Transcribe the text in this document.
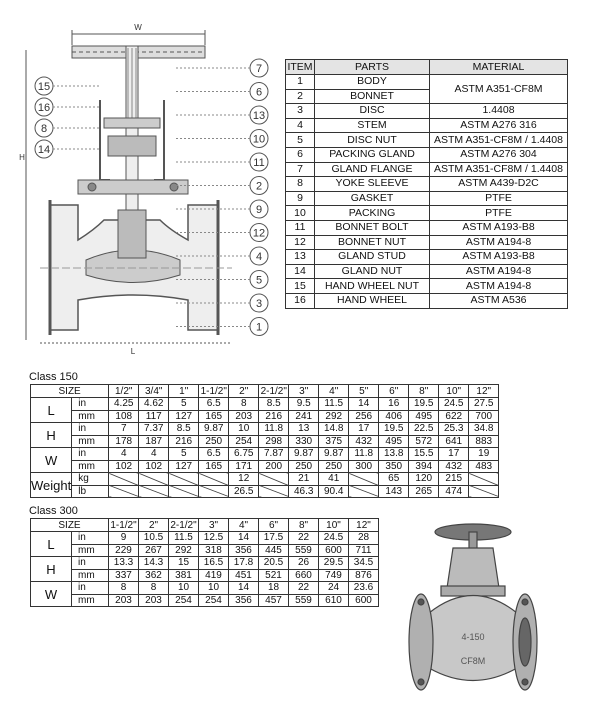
W
H
L
15
16
8
14
7
6
13
10
11
2
9
12
4
5
3
1
ITEM	PARTS	MATERIAL
1	BODY	ASTM A351-CF8M
2	BONNET	
3	DISC	1.4408
4	STEM	ASTM A276 316
5	DISC NUT	ASTM A351-CF8M / 1.4408
6	PACKING GLAND	ASTM A276 304
7	GLAND FLANGE	ASTM A351-CF8M / 1.4408
8	YOKE SLEEVE	ASTM A439-D2C
9	GASKET	PTFE
10	PACKING	PTFE
11	BONNET BOLT	ASTM A193-B8
12	BONNET NUT	ASTM A194-8
13	GLAND STUD	ASTM A193-B8
14	GLAND NUT	ASTM A194-8
15	HAND WHEEL NUT	ASTM A194-8
16	HAND WHEEL	ASTM A536
Class 150
SIZE		1/2"	3/4"	1"	1-1/2"	2"	2-1/2"	3"	4"	5"	6"	8"	10"	12"
L	in	4.25	4.62	5	6.5	8	8.5	9.5	11.5	14	16	19.5	24.5	27.5
	mm	108	117	127	165	203	216	241	292	256	406	495	622	700
H	in	7	7.37	8.5	9.87	10	11.8	13	14.8	17	19.5	22.5	25.3	34.8
	mm	178	187	216	250	254	298	330	375	432	495	572	641	883
W	in	4	4	5	6.5	6.75	7.87	9.87	9.87	11.8	13.8	15.5	17	19
	mm	102	102	127	165	171	200	250	250	300	350	394	432	483
Weight	kg					12		21	41		65	120	215	
	lb					26.5		46.3	90.4		143	265	474	
Class 300
SIZE		1-1/2"	2"	2-1/2"	3"	4"	6"	8"	10"	12"
L	in	9	10.5	11.5	12.5	14	17.5	22	24.5	28
	mm	229	267	292	318	356	445	559	600	711
H	in	13.3	14.3	15	16.5	17.8	20.5	26	29.5	34.5
	mm	337	362	381	419	451	521	660	749	876
W	in	8	8	10	10	14	18	22	24	23.6
	mm	203	203	254	254	356	457	559	610	600
4-150
CF8M
